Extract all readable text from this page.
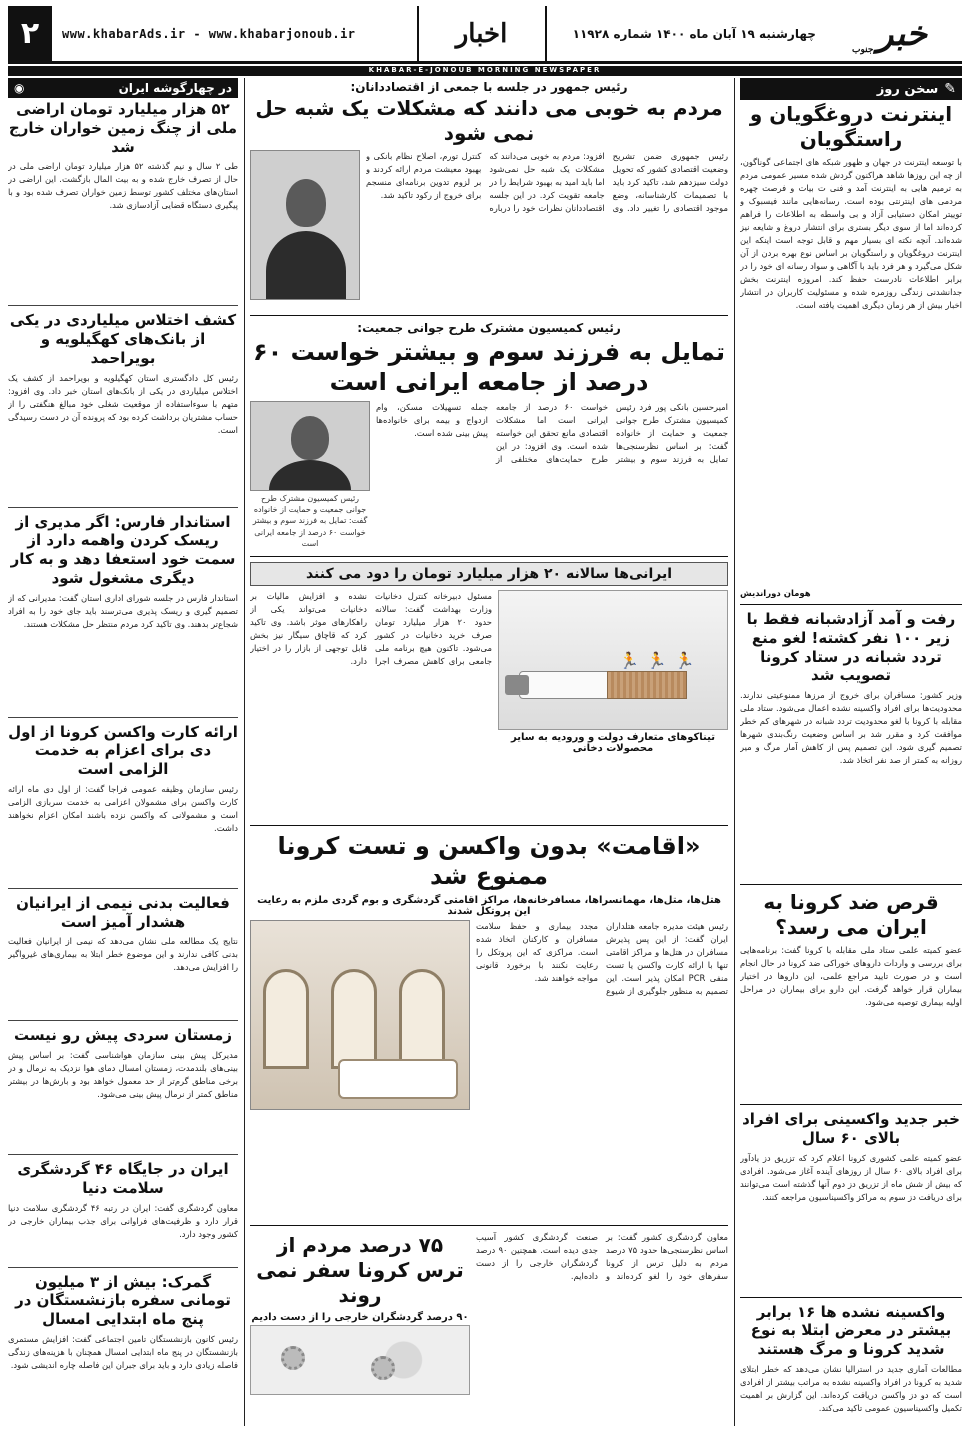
۲	www.khabarAds.ir - www.khabarjonoub.ir	اخبار	چهارشنبه ۱۹ آبان ماه ۱۴۰۰ شماره ۱۱۹۲۸	خبر
جنوب
KHABAR-E-JONOUB MORNING NEWSPAPER
✎
سخن روز
اینترنت دروغگویان و راستگویان
با توسعه اینترنت در جهان و ظهور شبکه های اجتماعی گوناگون، از چه این روزها شاهد هراکنون گردش شده مسیر عمومی مردم به ترمیم هایی به اینترنت آمد و فنی ت بیات و فرصت چهره مردمی های اینترنتی بوده است. رسانه‌هایی مانند فیسبوک و توییتر امکان دستیابی آزاد و بی واسطه به اطلاعات را فراهم کرده‌اند اما از سوی دیگر بستری برای انتشار دروغ و شایعه نیز شده‌اند. آنچه نکته ای بسیار مهم و قابل توجه است اینکه این اینترنت دروغگویان و راستگویان بر اساس نوع بهره بردن از آن شکل می‌گیرد و هر فرد باید با آگاهی و سواد رسانه ای خود را در برابر اطلاعات نادرست حفظ کند. امروزه اینترنت بخش جدانشدنی زندگی روزمره شده و مسئولیت کاربران در انتشار اخبار بیش از هر زمان دیگری اهمیت یافته است.
هومان دورانديش
رفت و آمد آزادشبانه فقط با زیر ۱۰۰ نفر کشته! لغو منع تردد شبانه در ستاد کرونا تصویب شد
وزیر کشور: مسافران برای خروج از مرزها ممنوعیتی ندارند. محدودیت‌ها برای افراد واکسینه نشده اعمال می‌شود. ستاد ملی مقابله با کرونا با لغو محدودیت تردد شبانه در شهرهای کم خطر موافقت کرد و مقرر شد بر اساس وضعیت رنگ‌بندی شهرها تصمیم گیری شود. این تصمیم پس از کاهش آمار مرگ و میر روزانه به کمتر از صد نفر اتخاذ شد.
قرص ضد کرونا به ایران می رسد؟
عضو کمیته علمی ستاد ملی مقابله با کرونا گفت: برنامه‌هایی برای بررسی و واردات داروهای خوراکی ضد کرونا در حال انجام است و در صورت تایید مراجع علمی، این داروها در اختیار بیماران قرار خواهد گرفت. این دارو برای بیماران در مراحل اولیه بیماری توصیه می‌شود.
خبر جدید واکسینی برای افراد بالای ۶۰ سال
عضو کمیته علمی کشوری کرونا اعلام کرد که تزریق دز یادآور برای افراد بالای ۶۰ سال از روزهای آینده آغاز می‌شود. افرادی که بیش از شش ماه از تزریق دز دوم آنها گذشته است می‌توانند برای دریافت دز سوم به مراکز واکسیناسیون مراجعه کنند.
واکسینه نشده ها ۱۶ برابر بیشتر در معرض ابتلا به نوع شدید کرونا و مرگ هستند
مطالعات آماری جدید در استرالیا نشان می‌دهد که خطر ابتلای شدید به کرونا در افراد واکسینه نشده به مراتب بیشتر از افرادی است که دو دز واکسن دریافت کرده‌اند. این گزارش بر اهمیت تکمیل واکسیناسیون عمومی تاکید می‌کند.
رئیس جمهور در جلسه با جمعی از اقتصاددانان:
مردم به خوبی می دانند که مشکلات یک شبه حل نمی شود
رئیس جمهوری ضمن تشریح وضعیت اقتصادی کشور که تحویل دولت سیزدهم شد، تاکید کرد باید با تصمیمات کارشناسانه، وضع موجود اقتصادی را تغییر داد. وی افزود: مردم به خوبی می‌دانند که مشکلات یک شبه حل نمی‌شود اما باید امید به بهبود شرایط را در جامعه تقویت کرد. در این جلسه اقتصاددانان نظرات خود را درباره کنترل تورم، اصلاح نظام بانکی و بهبود معیشت مردم ارائه کردند و بر لزوم تدوین برنامه‌ای منسجم برای خروج از رکود تاکید شد.
رئیس کمیسیون مشترک طرح جوانی جمعیت:
تمایل به فرزند سوم و بیشتر خواست ۶۰ درصد از جامعه ایرانی است
امیرحسین بانکی پور فرد رئیس کمیسیون مشترک طرح جوانی جمعیت و حمایت از خانواده گفت: بر اساس نظرسنجی‌ها تمایل به فرزند سوم و بیشتر خواست ۶۰ درصد از جامعه ایرانی است اما مشکلات اقتصادی مانع تحقق این خواسته شده است. وی افزود: در این طرح حمایت‌های مختلفی از جمله تسهیلات مسکن، وام ازدواج و بیمه برای خانواده‌ها پیش بینی شده است.
رئیس کمیسیون مشترک طرح جوانی جمعیت و حمایت از خانواده گفت: تمایل به فرزند سوم و بیشتر خواست ۶۰ درصد از جامعه ایرانی است
ایرانی‌ها سالانه ۲۰ هزار میلیارد تومان را دود می کنند
🏃🏃🏃
تیناکوهای متعارف دولت و ورودیه به سایر محصولات دخانی
مسئول دبیرخانه کنترل دخانیات وزارت بهداشت گفت: سالانه حدود ۲۰ هزار میلیارد تومان صرف خرید دخانیات در کشور می‌شود. تاکنون هیچ برنامه ملی جامعی برای کاهش مصرف اجرا نشده و افزایش مالیات بر دخانیات می‌تواند یکی از راهکارهای موثر باشد. وی تاکید کرد که قاچاق سیگار نیز بخش قابل توجهی از بازار را در اختیار دارد.
«اقامت» بدون واکسن و تست کرونا ممنوع شد
هتل‌ها، متل‌ها، مهمانسراها، مسافرخانه‌ها، مراکز اقامتی گردشگری و بوم گردی ملزم به رعایت این پروتکل شدند
رئیس هیئت مدیره جامعه هتلداران ایران گفت: از این پس پذیرش مسافران در هتل‌ها و مراکز اقامتی تنها با ارائه کارت واکسن یا تست منفی PCR امکان پذیر است. این تصمیم به منظور جلوگیری از شیوع مجدد بیماری و حفظ سلامت مسافران و کارکنان اتخاذ شده است. مراکزی که این پروتکل را رعایت نکنند با برخورد قانونی مواجه خواهند شد.
معاون گردشگری کشور گفت: بر اساس نظرسنجی‌ها حدود ۷۵ درصد مردم به دلیل ترس از کرونا سفرهای خود را لغو کرده‌اند و صنعت گردشگری کشور آسیب جدی دیده است. همچنین ۹۰ درصد گردشگران خارجی را از دست داده‌ایم.
۷۵ درصد مردم از ترس کرونا سفر نمی روند
۹۰ درصد گردشگران خارجی را از دست دادیم
در چهارگوشه ایران
◉
۵۲ هزار میلیارد تومان اراضی ملی از چنگ زمین خواران خارج شد
طی ۲ سال و نیم گذشته ۵۲ هزار میلیارد تومان اراضی ملی در حال از تصرف خارج شده و به بیت المال بازگشت. این اراضی در استان‌های مختلف کشور توسط زمین خواران تصرف شده بود و با پیگیری دستگاه قضایی آزادسازی شد.
کشف اختلاس میلیاردی در یکی از بانک‌های کهگیلویه و بویراحمد
رئیس کل دادگستری استان کهگیلویه و بویراحمد از کشف یک اختلاس میلیاردی در یکی از بانک‌های استان خبر داد. وی افزود: متهم با سوءاستفاده از موقعیت شغلی خود مبالغ هنگفتی را از حساب مشتریان برداشت کرده بود که پرونده آن در دست رسیدگی است.
استاندار فارس: اگر مدیری از ریسک کردن واهمه دارد از سمت خود استعفا دهد و به کار دیگری مشغول شود
استاندار فارس در جلسه شورای اداری استان گفت: مدیرانی که از تصمیم گیری و ریسک پذیری می‌ترسند باید جای خود را به افراد شجاع‌تر بدهند. وی تاکید کرد مردم منتظر حل مشکلات هستند.
ارائه کارت واکسن کرونا از اول دی برای اعزام به خدمت الزامی است
رئیس سازمان وظیفه عمومی فراجا گفت: از اول دی ماه ارائه کارت واکسن برای مشمولان اعزامی به خدمت سربازی الزامی است و مشمولانی که واکسن نزده باشند امکان اعزام نخواهند داشت.
فعالیت بدنی نیمی از ایرانیان هشدار آمیز است
نتایج یک مطالعه ملی نشان می‌دهد که نیمی از ایرانیان فعالیت بدنی کافی ندارند و این موضوع خطر ابتلا به بیماری‌های غیرواگیر را افزایش می‌دهد.
زمستان سردی پیش رو نیست
مدیرکل پیش بینی سازمان هواشناسی گفت: بر اساس پیش بینی‌های بلندمدت، زمستان امسال دمای هوا نزدیک به نرمال و در برخی مناطق گرم‌تر از حد معمول خواهد بود و بارش‌ها در بیشتر مناطق کمتر از نرمال پیش بینی می‌شود.
ایران در جایگاه ۴۶ گردشگری سلامت دنیا
معاون گردشگری گفت: ایران در رتبه ۴۶ گردشگری سلامت دنیا قرار دارد و ظرفیت‌های فراوانی برای جذب بیماران خارجی در کشور وجود دارد.
گمرک: بیش از ۳ میلیون تومانی سفره بازنشستگان در پنج ماه ابتدایی امسال
رئیس کانون بازنشستگان تامین اجتماعی گفت: افزایش مستمری بازنشستگان در پنج ماه ابتدایی امسال همچنان با هزینه‌های زندگی فاصله زیادی دارد و باید برای جبران این فاصله چاره اندیشی شود.
